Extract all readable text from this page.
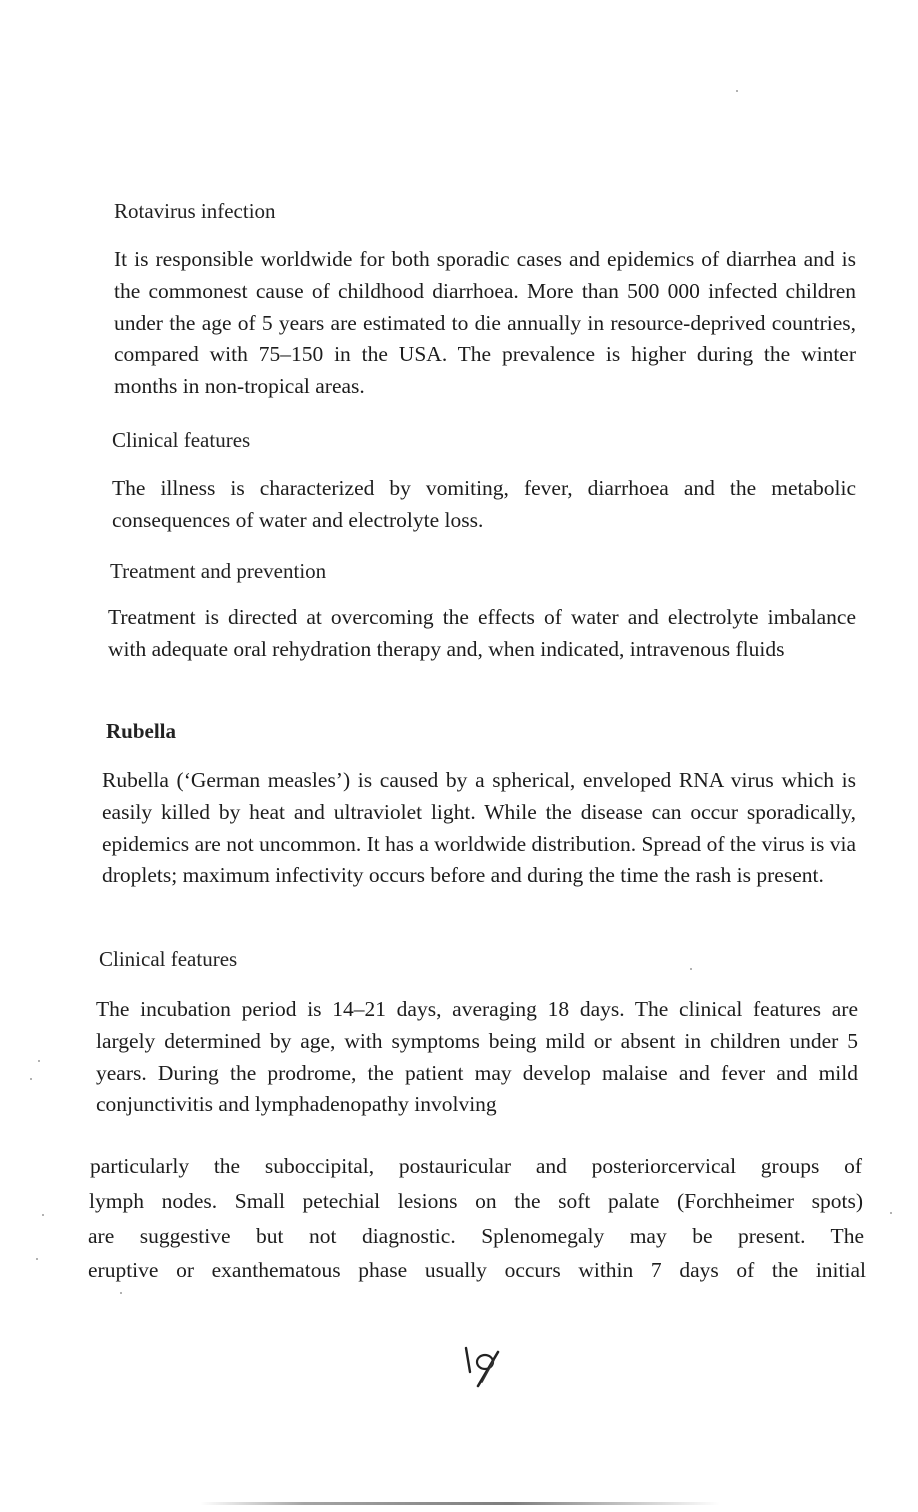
Rotavirus infection
It is responsible worldwide for both sporadic cases and epidemics of diarrhea and is the commonest cause of childhood diarrhoea. More than 500 000 infected children under the age of 5 years are estimated to die annually in resource-deprived countries, compared with 75–150 in the USA. The prevalence is higher during the winter months in non-tropical areas.
Clinical features
The illness is characterized by vomiting, fever, diarrhoea and the metabolic consequences of water and electrolyte loss.
Treatment and prevention
Treatment is directed at overcoming the effects of water and electrolyte imbalance with adequate oral rehydration therapy and, when indicated, intravenous fluids
Rubella
Rubella (‘German measles’) is caused by a spherical, enveloped RNA virus which is easily killed by heat and ultraviolet light. While the disease can occur sporadically, epidemics are not uncommon. It has a worldwide distribution. Spread of the virus is via droplets; maximum infectivity occurs before and during the time the rash is present.
Clinical features
The incubation period is 14–21 days, averaging 18 days. The clinical features are largely determined by age, with symptoms being mild or absent in children under 5 years. During the prodrome, the patient may develop malaise and fever and mild conjunctivitis and lymphadenopathy involving
particularly the suboccipital, postauricular and posteriorcervical groups of
lymph nodes. Small petechial lesions on the soft palate (Forchheimer spots)
are suggestive but not diagnostic. Splenomegaly may be present. The
eruptive or exanthematous phase usually occurs within 7 days of the initial
